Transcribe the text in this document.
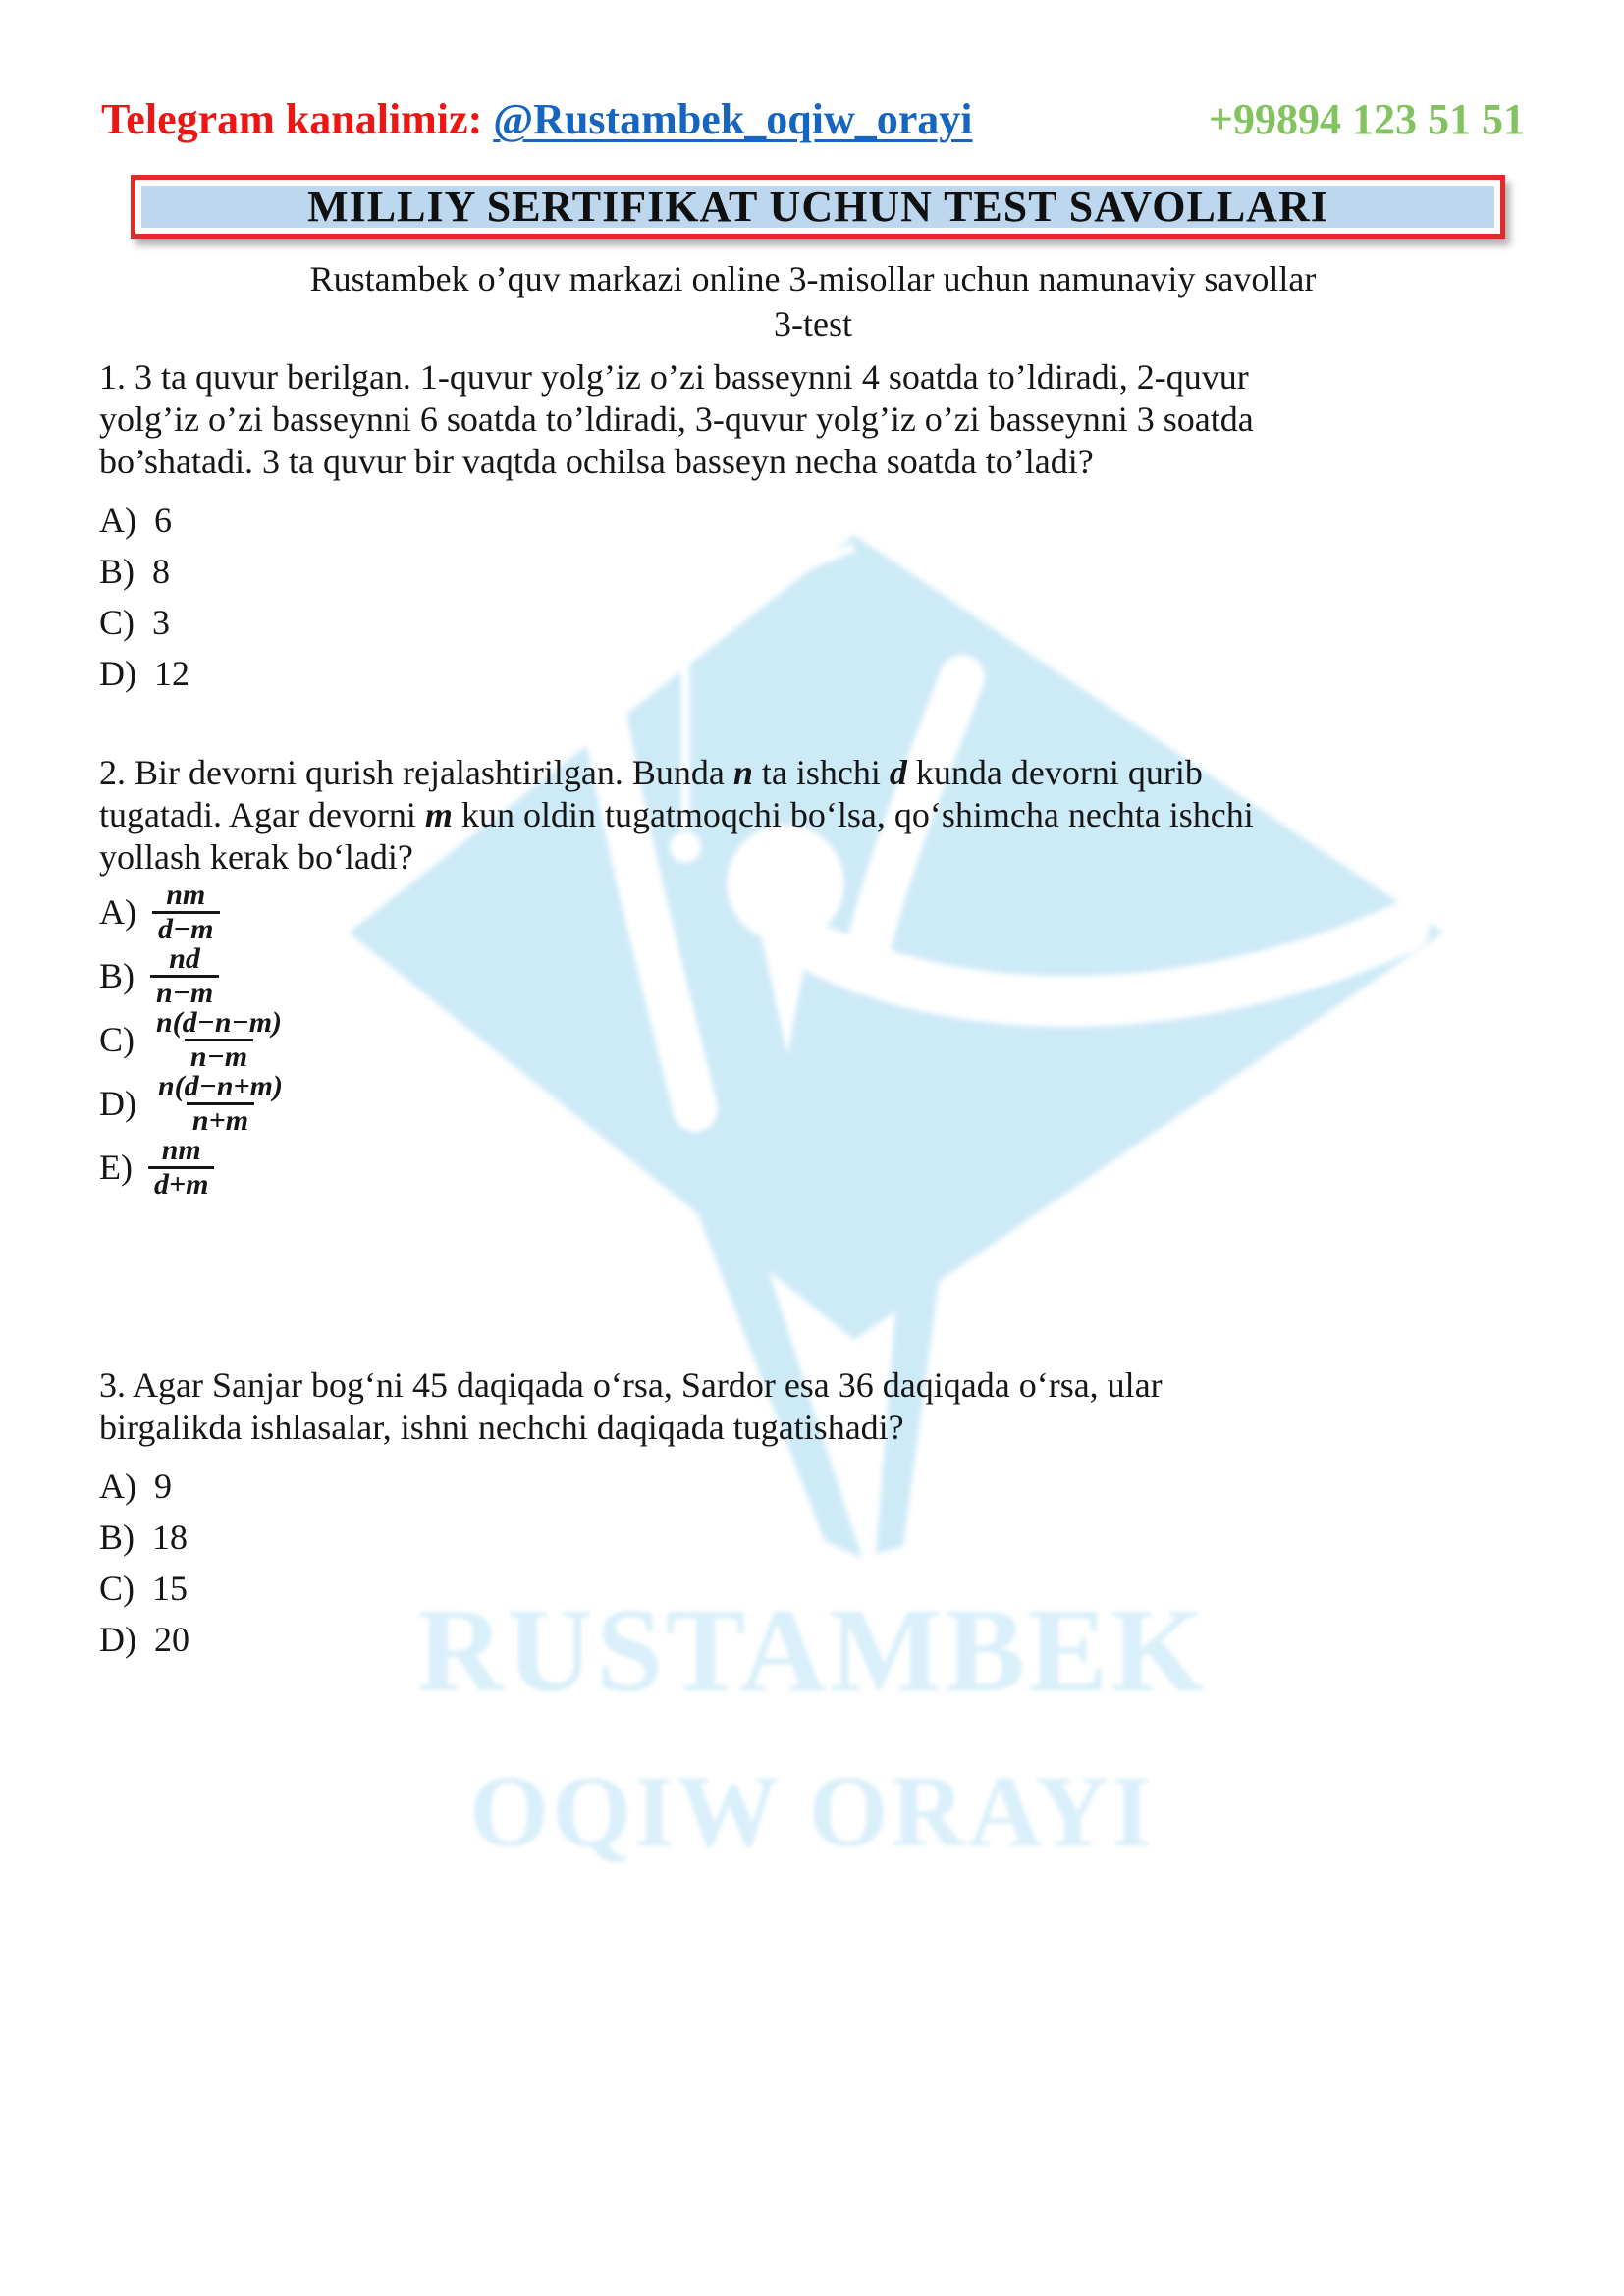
RUSTAMBEK
OQIW ORAYI
Telegram kanalimiz: @Rustambek_oqiw_orayi	+99894 123 51 51
MILLIY SERTIFIKAT UCHUN TEST SAVOLLARI
Rustambek o’quv markazi online 3-misollar uchun namunaviy savollar
3-test
1. 3 ta quvur berilgan. 1-quvur yolg’iz o’zi basseynni 4 soatda to’ldiradi, 2-quvur
yolg’iz o’zi basseynni 6 soatda to’ldiradi, 3-quvur yolg’iz o’zi basseynni 3 soatda
bo’shatadi. 3 ta quvur bir vaqtda ochilsa basseyn necha soatda to’ladi?
A) 6
B) 8
C) 3
D) 12
2. Bir devorni qurish rejalashtirilgan. Bunda n ta ishchi d kunda devorni qurib
tugatadi. Agar devorni m kun oldin tugatmoqchi boʻlsa, qoʻshimcha nechta ishchi
yollash kerak boʻladi?
$A) \frac{nm}{d-m}$
$B) \frac{nd}{n-m}$
$C) \frac{n(d-n-m)}{n-m}$
$D) \frac{n(d-n+m)}{n+m}$
$E) \frac{nm}{d+m}$
3. Agar Sanjar bogʻni 45 daqiqada oʻrsa, Sardor esa 36 daqiqada oʻrsa, ular
birgalikda ishlasalar, ishni nechchi daqiqada tugatishadi?
A) 9
B) 18
C) 15
D) 20
